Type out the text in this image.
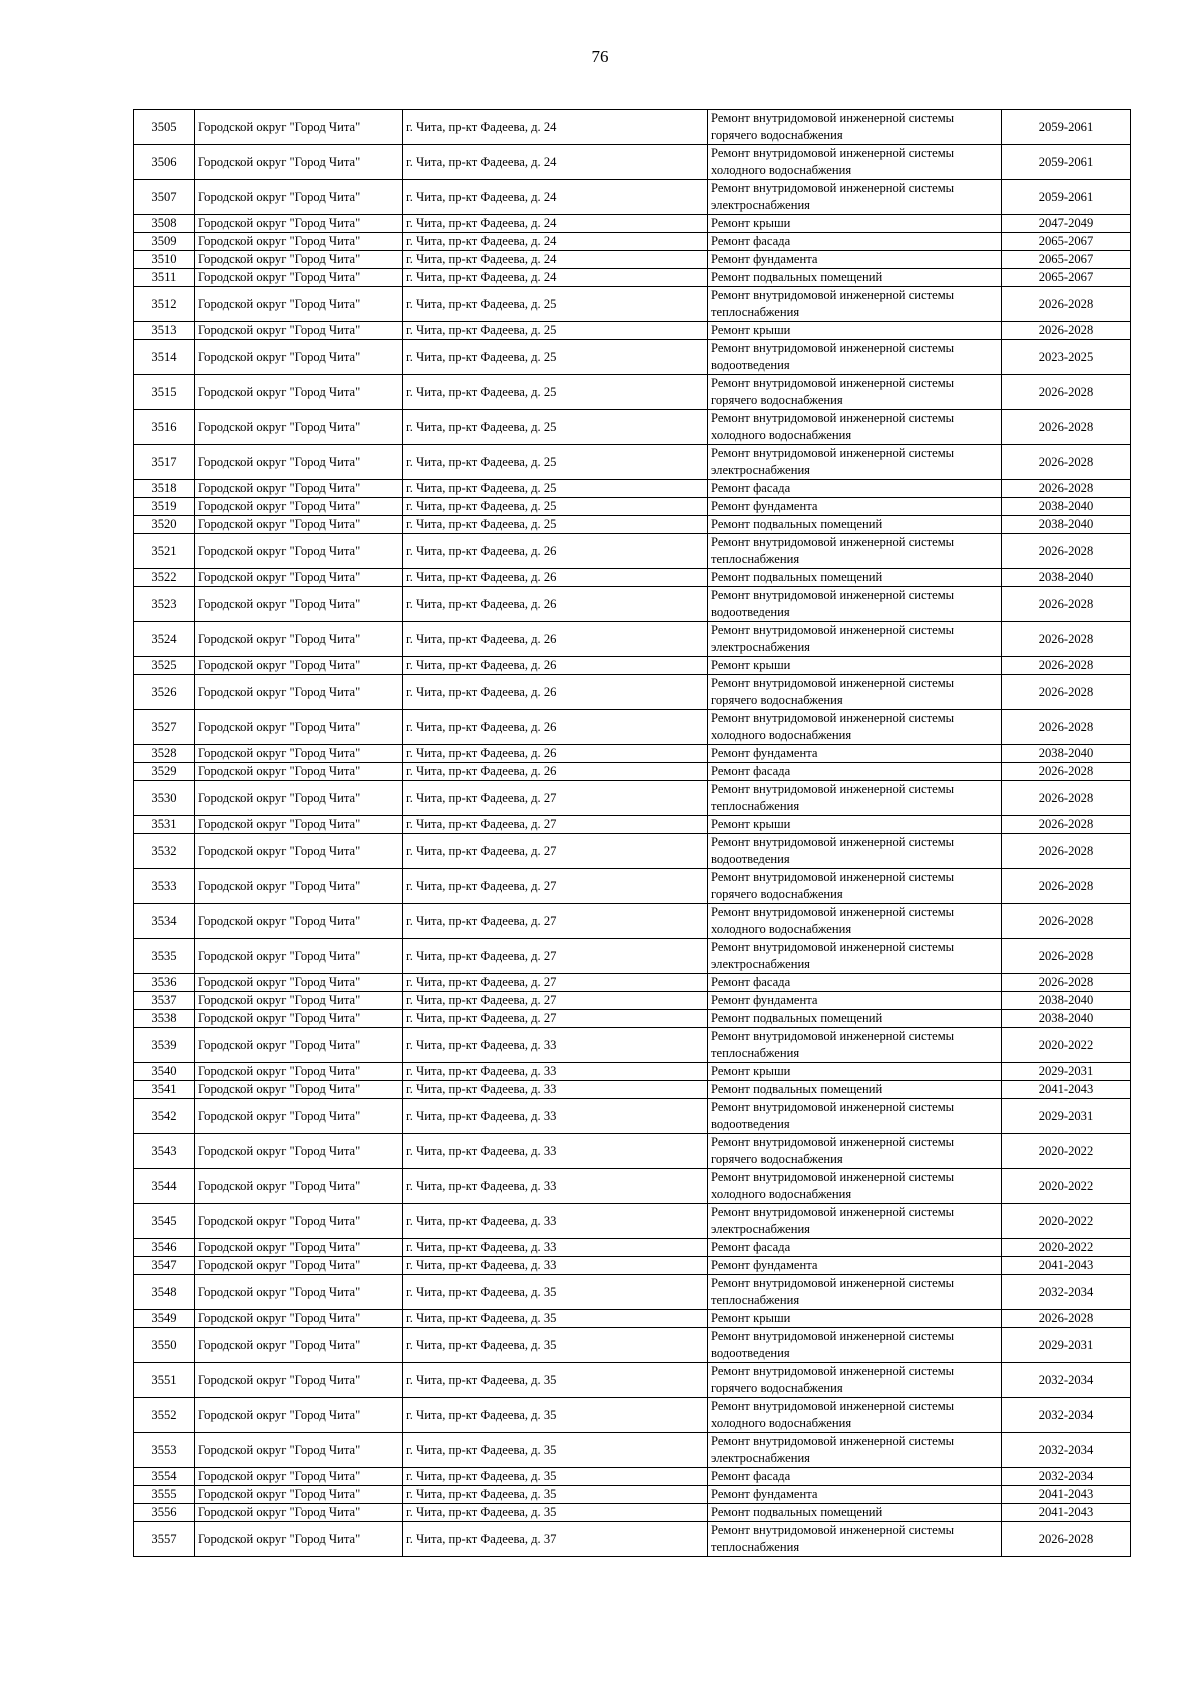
76
3505	Городской округ "Город Чита"	г. Чита, пр-кт Фадеева, д. 24	Ремонт внутридомовой инженерной системы горячего водоснабжения	2059-2061
3506	Городской округ "Город Чита"	г. Чита, пр-кт Фадеева, д. 24	Ремонт внутридомовой инженерной системы холодного водоснабжения	2059-2061
3507	Городской округ "Город Чита"	г. Чита, пр-кт Фадеева, д. 24	Ремонт внутридомовой инженерной системы электроснабжения	2059-2061
3508	Городской округ "Город Чита"	г. Чита, пр-кт Фадеева, д. 24	Ремонт крыши	2047-2049
3509	Городской округ "Город Чита"	г. Чита, пр-кт Фадеева, д. 24	Ремонт фасада	2065-2067
3510	Городской округ "Город Чита"	г. Чита, пр-кт Фадеева, д. 24	Ремонт фундамента	2065-2067
3511	Городской округ "Город Чита"	г. Чита, пр-кт Фадеева, д. 24	Ремонт подвальных помещений	2065-2067
3512	Городской округ "Город Чита"	г. Чита, пр-кт Фадеева, д. 25	Ремонт внутридомовой инженерной системы теплоснабжения	2026-2028
3513	Городской округ "Город Чита"	г. Чита, пр-кт Фадеева, д. 25	Ремонт крыши	2026-2028
3514	Городской округ "Город Чита"	г. Чита, пр-кт Фадеева, д. 25	Ремонт внутридомовой инженерной системы водоотведения	2023-2025
3515	Городской округ "Город Чита"	г. Чита, пр-кт Фадеева, д. 25	Ремонт внутридомовой инженерной системы горячего водоснабжения	2026-2028
3516	Городской округ "Город Чита"	г. Чита, пр-кт Фадеева, д. 25	Ремонт внутридомовой инженерной системы холодного водоснабжения	2026-2028
3517	Городской округ "Город Чита"	г. Чита, пр-кт Фадеева, д. 25	Ремонт внутридомовой инженерной системы электроснабжения	2026-2028
3518	Городской округ "Город Чита"	г. Чита, пр-кт Фадеева, д. 25	Ремонт фасада	2026-2028
3519	Городской округ "Город Чита"	г. Чита, пр-кт Фадеева, д. 25	Ремонт фундамента	2038-2040
3520	Городской округ "Город Чита"	г. Чита, пр-кт Фадеева, д. 25	Ремонт подвальных помещений	2038-2040
3521	Городской округ "Город Чита"	г. Чита, пр-кт Фадеева, д. 26	Ремонт внутридомовой инженерной системы теплоснабжения	2026-2028
3522	Городской округ "Город Чита"	г. Чита, пр-кт Фадеева, д. 26	Ремонт подвальных помещений	2038-2040
3523	Городской округ "Город Чита"	г. Чита, пр-кт Фадеева, д. 26	Ремонт внутридомовой инженерной системы водоотведения	2026-2028
3524	Городской округ "Город Чита"	г. Чита, пр-кт Фадеева, д. 26	Ремонт внутридомовой инженерной системы электроснабжения	2026-2028
3525	Городской округ "Город Чита"	г. Чита, пр-кт Фадеева, д. 26	Ремонт крыши	2026-2028
3526	Городской округ "Город Чита"	г. Чита, пр-кт Фадеева, д. 26	Ремонт внутридомовой инженерной системы горячего водоснабжения	2026-2028
3527	Городской округ "Город Чита"	г. Чита, пр-кт Фадеева, д. 26	Ремонт внутридомовой инженерной системы холодного водоснабжения	2026-2028
3528	Городской округ "Город Чита"	г. Чита, пр-кт Фадеева, д. 26	Ремонт фундамента	2038-2040
3529	Городской округ "Город Чита"	г. Чита, пр-кт Фадеева, д. 26	Ремонт фасада	2026-2028
3530	Городской округ "Город Чита"	г. Чита, пр-кт Фадеева, д. 27	Ремонт внутридомовой инженерной системы теплоснабжения	2026-2028
3531	Городской округ "Город Чита"	г. Чита, пр-кт Фадеева, д. 27	Ремонт крыши	2026-2028
3532	Городской округ "Город Чита"	г. Чита, пр-кт Фадеева, д. 27	Ремонт внутридомовой инженерной системы водоотведения	2026-2028
3533	Городской округ "Город Чита"	г. Чита, пр-кт Фадеева, д. 27	Ремонт внутридомовой инженерной системы горячего водоснабжения	2026-2028
3534	Городской округ "Город Чита"	г. Чита, пр-кт Фадеева, д. 27	Ремонт внутридомовой инженерной системы холодного водоснабжения	2026-2028
3535	Городской округ "Город Чита"	г. Чита, пр-кт Фадеева, д. 27	Ремонт внутридомовой инженерной системы электроснабжения	2026-2028
3536	Городской округ "Город Чита"	г. Чита, пр-кт Фадеева, д. 27	Ремонт фасада	2026-2028
3537	Городской округ "Город Чита"	г. Чита, пр-кт Фадеева, д. 27	Ремонт фундамента	2038-2040
3538	Городской округ "Город Чита"	г. Чита, пр-кт Фадеева, д. 27	Ремонт подвальных помещений	2038-2040
3539	Городской округ "Город Чита"	г. Чита, пр-кт Фадеева, д. 33	Ремонт внутридомовой инженерной системы теплоснабжения	2020-2022
3540	Городской округ "Город Чита"	г. Чита, пр-кт Фадеева, д. 33	Ремонт крыши	2029-2031
3541	Городской округ "Город Чита"	г. Чита, пр-кт Фадеева, д. 33	Ремонт подвальных помещений	2041-2043
3542	Городской округ "Город Чита"	г. Чита, пр-кт Фадеева, д. 33	Ремонт внутридомовой инженерной системы водоотведения	2029-2031
3543	Городской округ "Город Чита"	г. Чита, пр-кт Фадеева, д. 33	Ремонт внутридомовой инженерной системы горячего водоснабжения	2020-2022
3544	Городской округ "Город Чита"	г. Чита, пр-кт Фадеева, д. 33	Ремонт внутридомовой инженерной системы холодного водоснабжения	2020-2022
3545	Городской округ "Город Чита"	г. Чита, пр-кт Фадеева, д. 33	Ремонт внутридомовой инженерной системы электроснабжения	2020-2022
3546	Городской округ "Город Чита"	г. Чита, пр-кт Фадеева, д. 33	Ремонт фасада	2020-2022
3547	Городской округ "Город Чита"	г. Чита, пр-кт Фадеева, д. 33	Ремонт фундамента	2041-2043
3548	Городской округ "Город Чита"	г. Чита, пр-кт Фадеева, д. 35	Ремонт внутридомовой инженерной системы теплоснабжения	2032-2034
3549	Городской округ "Город Чита"	г. Чита, пр-кт Фадеева, д. 35	Ремонт крыши	2026-2028
3550	Городской округ "Город Чита"	г. Чита, пр-кт Фадеева, д. 35	Ремонт внутридомовой инженерной системы водоотведения	2029-2031
3551	Городской округ "Город Чита"	г. Чита, пр-кт Фадеева, д. 35	Ремонт внутридомовой инженерной системы горячего водоснабжения	2032-2034
3552	Городской округ "Город Чита"	г. Чита, пр-кт Фадеева, д. 35	Ремонт внутридомовой инженерной системы холодного водоснабжения	2032-2034
3553	Городской округ "Город Чита"	г. Чита, пр-кт Фадеева, д. 35	Ремонт внутридомовой инженерной системы электроснабжения	2032-2034
3554	Городской округ "Город Чита"	г. Чита, пр-кт Фадеева, д. 35	Ремонт фасада	2032-2034
3555	Городской округ "Город Чита"	г. Чита, пр-кт Фадеева, д. 35	Ремонт фундамента	2041-2043
3556	Городской округ "Город Чита"	г. Чита, пр-кт Фадеева, д. 35	Ремонт подвальных помещений	2041-2043
3557	Городской округ "Город Чита"	г. Чита, пр-кт Фадеева, д. 37	Ремонт внутридомовой инженерной системы теплоснабжения	2026-2028
